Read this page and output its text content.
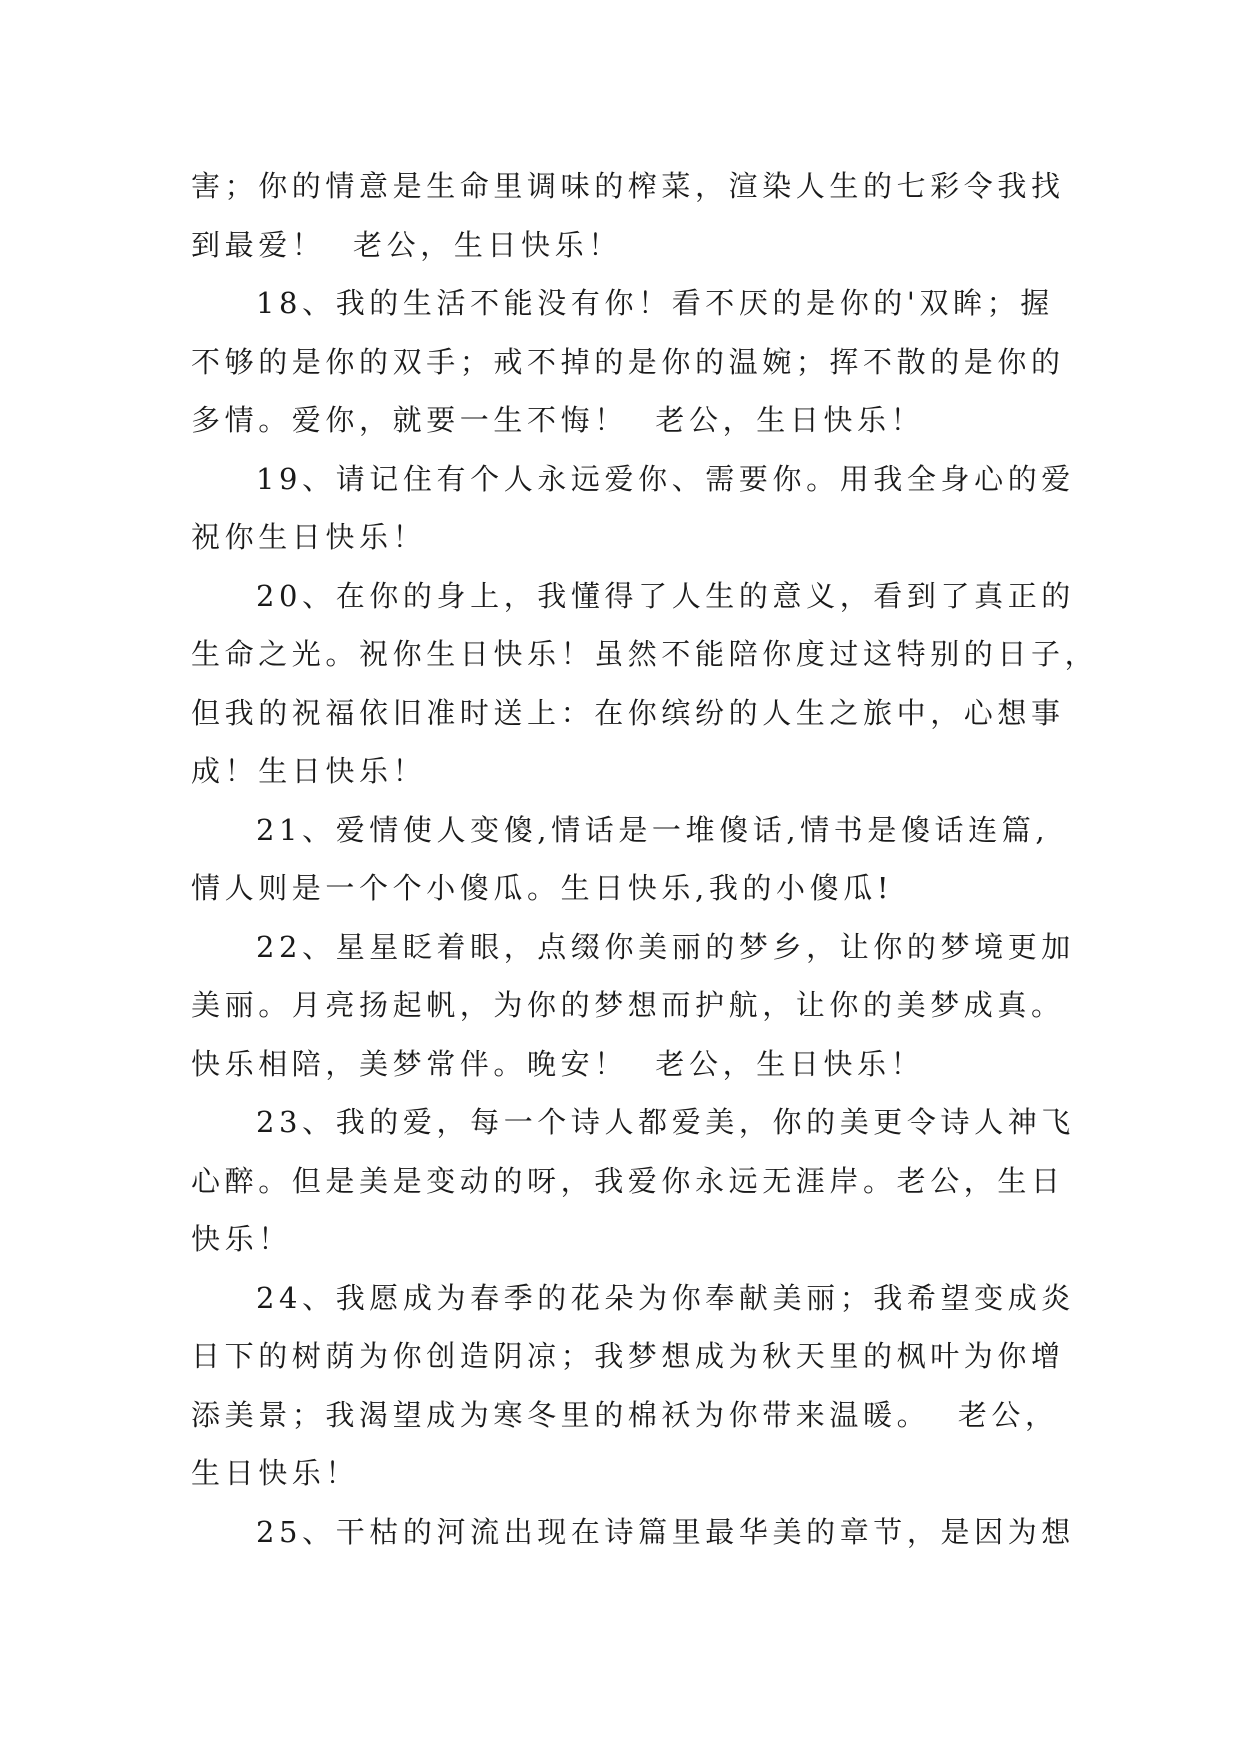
害；你的情意是生命里调味的榨菜，渲染人生的七彩令我找
到最爱！  老公，生日快乐！

18、我的生活不能没有你！看不厌的是你的'双眸；握
不够的是你的双手；戒不掉的是你的温婉；挥不散的是你的
多情。爱你，就要一生不悔！  老公，生日快乐！

19、请记住有个人永远爱你、需要你。用我全身心的爱
祝你生日快乐！

20、在你的身上，我懂得了人生的意义，看到了真正的
生命之光。祝你生日快乐！虽然不能陪你度过这特别的日子，
但我的祝福依旧准时送上：在你缤纷的人生之旅中，心想事
成！生日快乐！

21、爱情使人变傻,情话是一堆傻话,情书是傻话连篇,
情人则是一个个小傻瓜。生日快乐,我的小傻瓜!

22、星星眨着眼，点缀你美丽的梦乡，让你的梦境更加
美丽。月亮扬起帆，为你的梦想而护航，让你的美梦成真。
快乐相陪，美梦常伴。晚安！  老公，生日快乐！

23、我的爱，每一个诗人都爱美，你的美更令诗人神飞
心醉。但是美是变动的呀，我爱你永远无涯岸。老公，生日
快乐！

24、我愿成为春季的花朵为你奉献美丽；我希望变成炎
日下的树荫为你创造阴凉；我梦想成为秋天里的枫叶为你增
添美景；我渴望成为寒冬里的棉袄为你带来温暖。  老公，
生日快乐！

25、干枯的河流出现在诗篇里最华美的章节，是因为想
